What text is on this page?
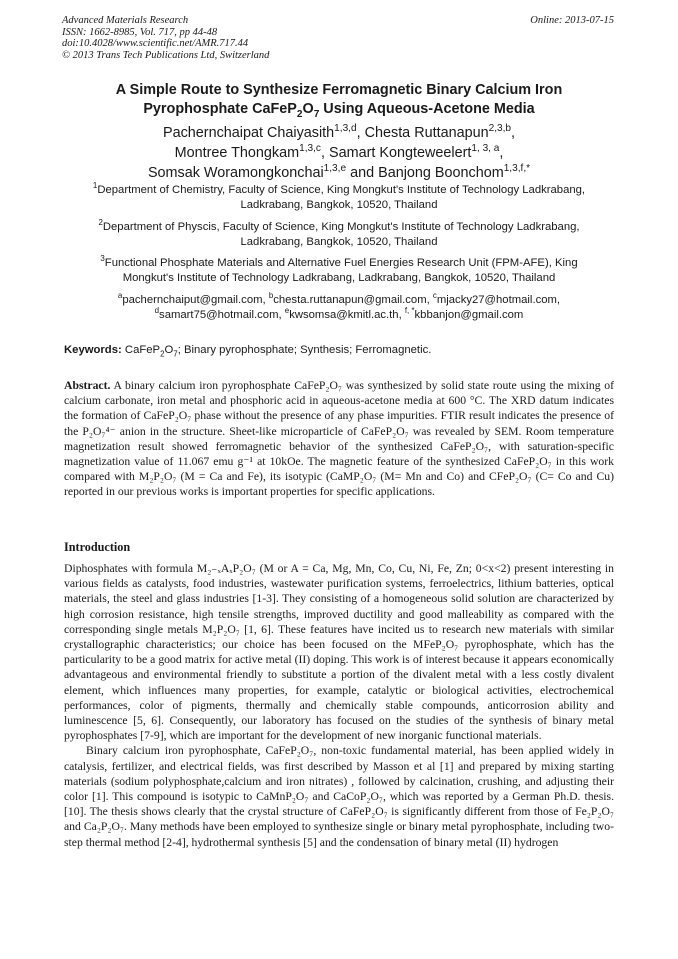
Advanced Materials Research
ISSN: 1662-8985, Vol. 717, pp 44-48
doi:10.4028/www.scientific.net/AMR.717.44
© 2013 Trans Tech Publications Ltd, Switzerland
Online: 2013-07-15
A Simple Route to Synthesize Ferromagnetic Binary Calcium Iron
Pyrophosphate $CaFeP_2O_7$ Using Aqueous-Acetone Media
Pachernchaipat Chaiyasith$^{1,3,d}$, Chesta Ruttanapun$^{2,3,b}$,
Montree Thongkam$^{1,3,c}$, Samart Kongteweelert$^{1, 3, a}$,
Somsak Woramongkonchai$^{1,3,e}$ and Banjong Boonchom$^{1,3,f,*}$
$^1$Department of Chemistry, Faculty of Science, King Mongkut's Institute of Technology Ladkrabang,
Ladkrabang, Bangkok, 10520, Thailand
$^2$Department of Physcis, Faculty of Science, King Mongkut's Institute of Technology Ladkrabang,
Ladkrabang, Bangkok, 10520, Thailand
$^3$Functional Phosphate Materials and Alternative Fuel Energies Research Unit (FPM-AFE), King
Mongkut's Institute of Technology Ladkrabang, Ladkrabang, Bangkok, 10520, Thailand
$^a$pachernchaiput@gmail.com, $^b$chesta.ruttanapun@gmail.com, $^c$mjacky27@hotmail.com,
$^d$samart75@hotmail.com, $^e$kwsomsa@kmitl.ac.th, $^{f, *}$kbbanjon@gmail.com
Keywords: $CaFeP_2O_7$; Binary pyrophosphate; Synthesis; Ferromagnetic.

Abstract. A binary calcium iron pyrophosphate CaFeP₂O₇ was synthesized by solid state route using the mixing of calcium carbonate, iron metal and phosphoric acid in aqueous-acetone media at 600 °C. The XRD datum indicates the formation of CaFeP₂O₇ phase without the presence of any phase impurities. FTIR result indicates the presence of the P₂O₇⁴⁻ anion in the structure. Sheet-like microparticle of CaFeP₂O₇ was revealed by SEM. Room temperature magnetization result showed ferromagnetic behavior of the synthesized CaFeP₂O₇, with saturation-specific magnetization value of 11.067 emu g⁻¹ at 10kOe. The magnetic feature of the synthesized CaFeP₂O₇ in this work compared with M₂P₂O₇ (M = Ca and Fe), its isotypic (CaMP₂O₇ (M= Mn and Co) and CFeP₂O₇ (C= Co and Cu) reported in our previous works is important properties for specific applications.

Introduction

Diphosphates with formula M₂₋ₓAₓP₂O₇ (M or A = Ca, Mg, Mn, Co, Cu, Ni, Fe, Zn; 0<x<2) present interesting in various fields as catalysts, food industries, wastewater purification systems, ferroelectrics, lithium batteries, optical materials, the steel and glass industries [1-3]. They consisting of a homogeneous solid solution are characterized by high corrosion resistance, high tensile strengths, improved ductility and good malleability as compared with the corresponding single metals M₂P₂O₇ [1, 6]. These features have incited us to research new materials with similar crystallographic characteristics; our choice has been focused on the MFeP₂O₇ pyrophosphate, which has the particularity to be a good matrix for active metal (II) doping. This work is of interest because it appears economically advantageous and environmental friendly to substitute a portion of the divalent metal with a less costly divalent element, which influences many properties, for example, catalytic or biological activities, electrochemical performances, color of pigments, thermally and chemically stable compounds, anticorrosion ability and luminescence [5, 6]. Consequently, our laboratory has focused on the studies of the synthesis of binary metal pyrophosphates [7-9], which are important for the development of new inorganic functional materials.

Binary calcium iron pyrophosphate, CaFeP₂O₇, non-toxic fundamental material, has been applied widely in catalysis, fertilizer, and electrical fields, was first described by Masson et al [1] and prepared by mixing starting materials (sodium polyphosphate,calcium and iron nitrates) , followed by calcination, crushing, and adjusting their color [1]. This compound is isotypic to CaMnP₂O₇ and CaCoP₂O₇, which was reported by a German Ph.D. thesis.[10]. The thesis shows clearly that the crystal structure of CaFeP₂O₇ is significantly different from those of Fe₂P₂O₇ and Ca₂P₂O₇. Many methods have been employed to synthesize single or binary metal pyrophosphate, including two-step thermal method [2-4], hydrothermal synthesis [5] and the condensation of binary metal (II) hydrogen
